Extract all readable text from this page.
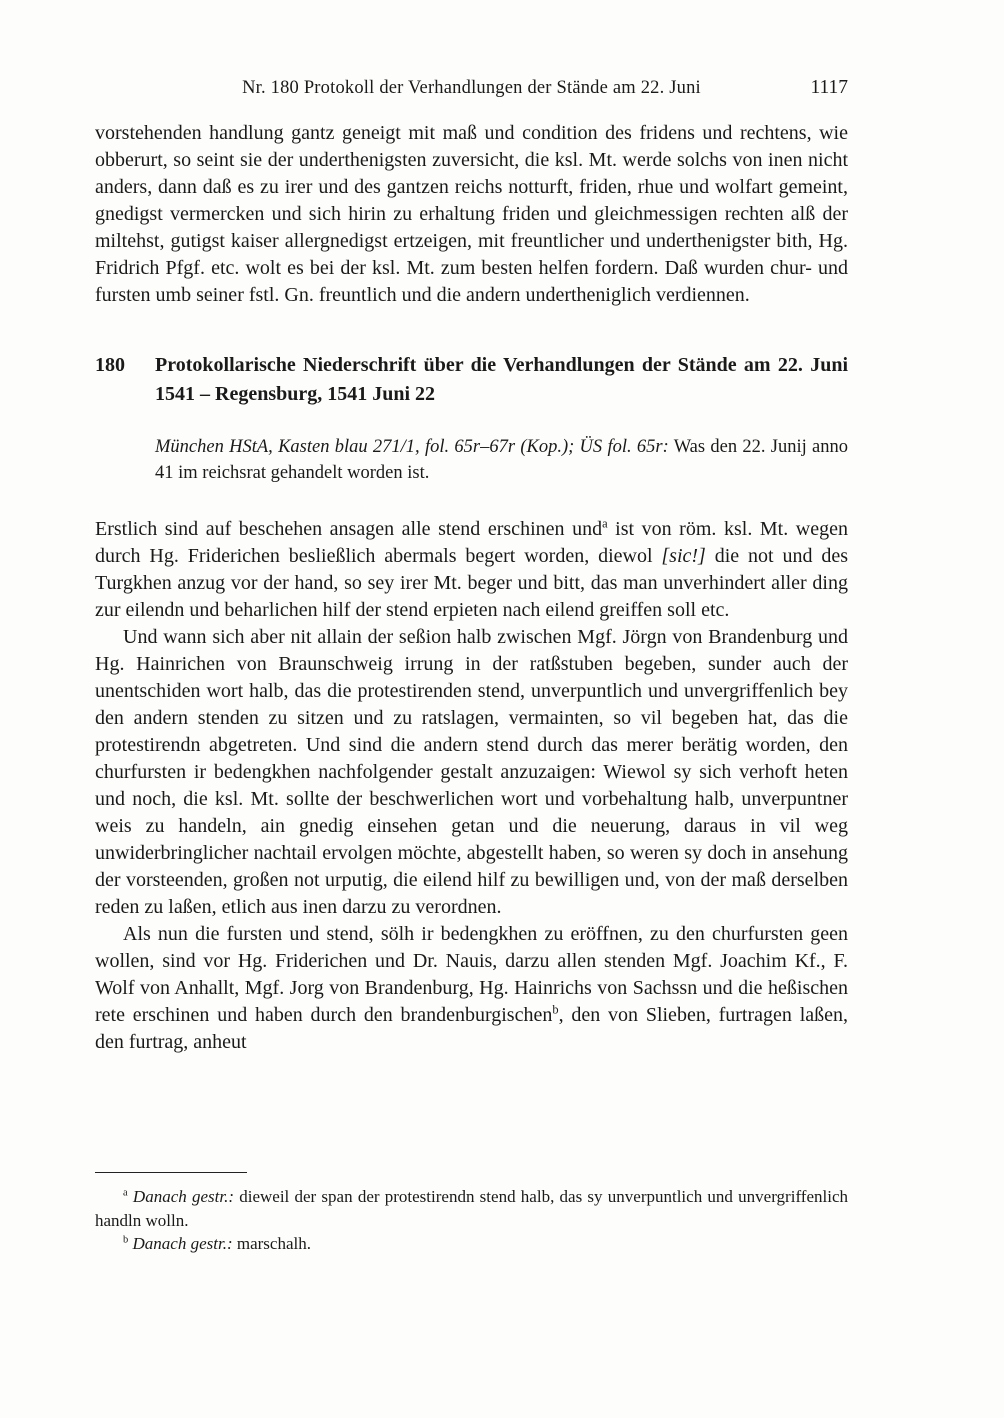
Nr. 180 Protokoll der Verhandlungen der Stände am 22. Juni	1117

vorstehenden handlung gantz geneigt mit maß und condition des fridens und rechtens, wie obberurt, so seint sie der underthenigsten zuversicht, die ksl. Mt. werde solchs von inen nicht anders, dann daß es zu irer und des gantzen reichs notturft, friden, rhue und wolfart gemeint, gnedigst vermercken und sich hirin zu erhaltung friden und gleichmessigen rechten alß der miltehst, gutigst kaiser allergnedigst ertzeigen, mit freuntlicher und underthenigster bith, Hg. Fridrich Pfgf. etc. wolt es bei der ksl. Mt. zum besten helfen fordern. Daß wurden chur- und fursten umb seiner fstl. Gn. freuntlich und die andern undertheniglich verdiennen.

180	Protokollarische Niederschrift über die Verhandlungen der Stände am 22. Juni 1541 – Regensburg, 1541 Juni 22

München HStA, Kasten blau 271/1, fol. 65r–67r (Kop.); ÜS fol. 65r: Was den 22. Junij anno 41 im reichsrat gehandelt worden ist.

Erstlich sind auf beschehen ansagen alle stend erschinen und$^a$ ist von röm. ksl. Mt. wegen durch Hg. Friderichen besließlich abermals begert worden, diewol [sic!] die not und des Turgkhen anzug vor der hand, so sey irer Mt. beger und bitt, das man unverhindert aller ding zur eilendn und beharlichen hilf der stend erpieten nach eilend greiffen soll etc.

Und wann sich aber nit allain der seßion halb zwischen Mgf. Jörgn von Brandenburg und Hg. Hainrichen von Braunschweig irrung in der ratßstuben begeben, sunder auch der unentschiden wort halb, das die protestirenden stend, unverpuntlich und unvergriffenlich bey den andern stenden zu sitzen und zu ratslagen, vermainten, so vil begeben hat, das die protestirendn abgetreten. Und sind die andern stend durch das merer berätig worden, den churfursten ir bedengkhen nachfolgender gestalt anzuzaigen: Wiewol sy sich verhoft heten und noch, die ksl. Mt. sollte der beschwerlichen wort und vorbehaltung halb, unverpuntner weis zu handeln, ain gnedig einsehen getan und die neuerung, daraus in vil weg unwiderbringlicher nachtail ervolgen möchte, abgestellt haben, so weren sy doch in ansehung der vorsteenden, großen not urputig, die eilend hilf zu bewilligen und, von der maß derselben reden zu laßen, etlich aus inen darzu zu verordnen.

Als nun die fursten und stend, sölh ir bedengkhen zu eröffnen, zu den churfursten geen wollen, sind vor Hg. Friderichen und Dr. Nauis, darzu allen stenden Mgf. Joachim Kf., F. Wolf von Anhallt, Mgf. Jorg von Brandenburg, Hg. Hainrichs von Sachssn und die heßischen rete erschinen und haben durch den brandenburgischen$^b$, den von Slieben, furtragen laßen, den furtrag, anheut

$^a$ Danach gestr.: dieweil der span der protestirendn stend halb, das sy unverpuntlich und unvergriffenlich handln wolln.

$^b$ Danach gestr.: marschalh.
